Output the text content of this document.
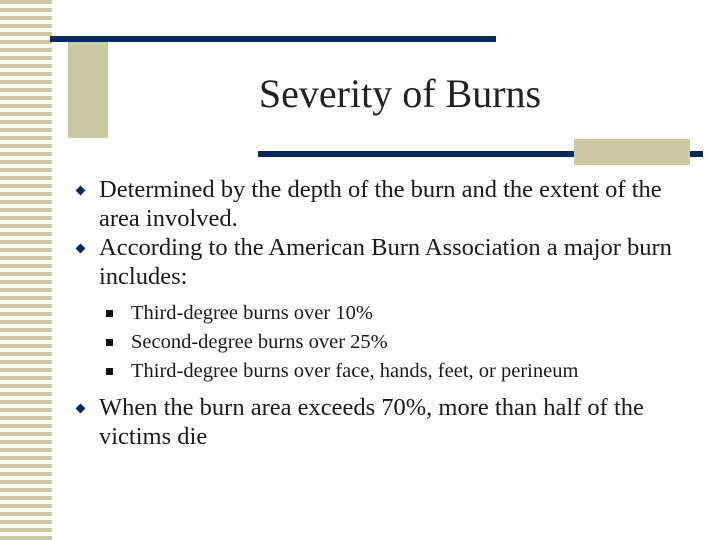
Severity of Burns
Determined by the depth of the burn and the extent of the area involved.
According to the American Burn Association a major burn includes:
Third-degree burns over 10%
Second-degree burns over 25%
Third-degree burns over face, hands, feet, or perineum
When the burn area exceeds 70%, more than half of the victims die
